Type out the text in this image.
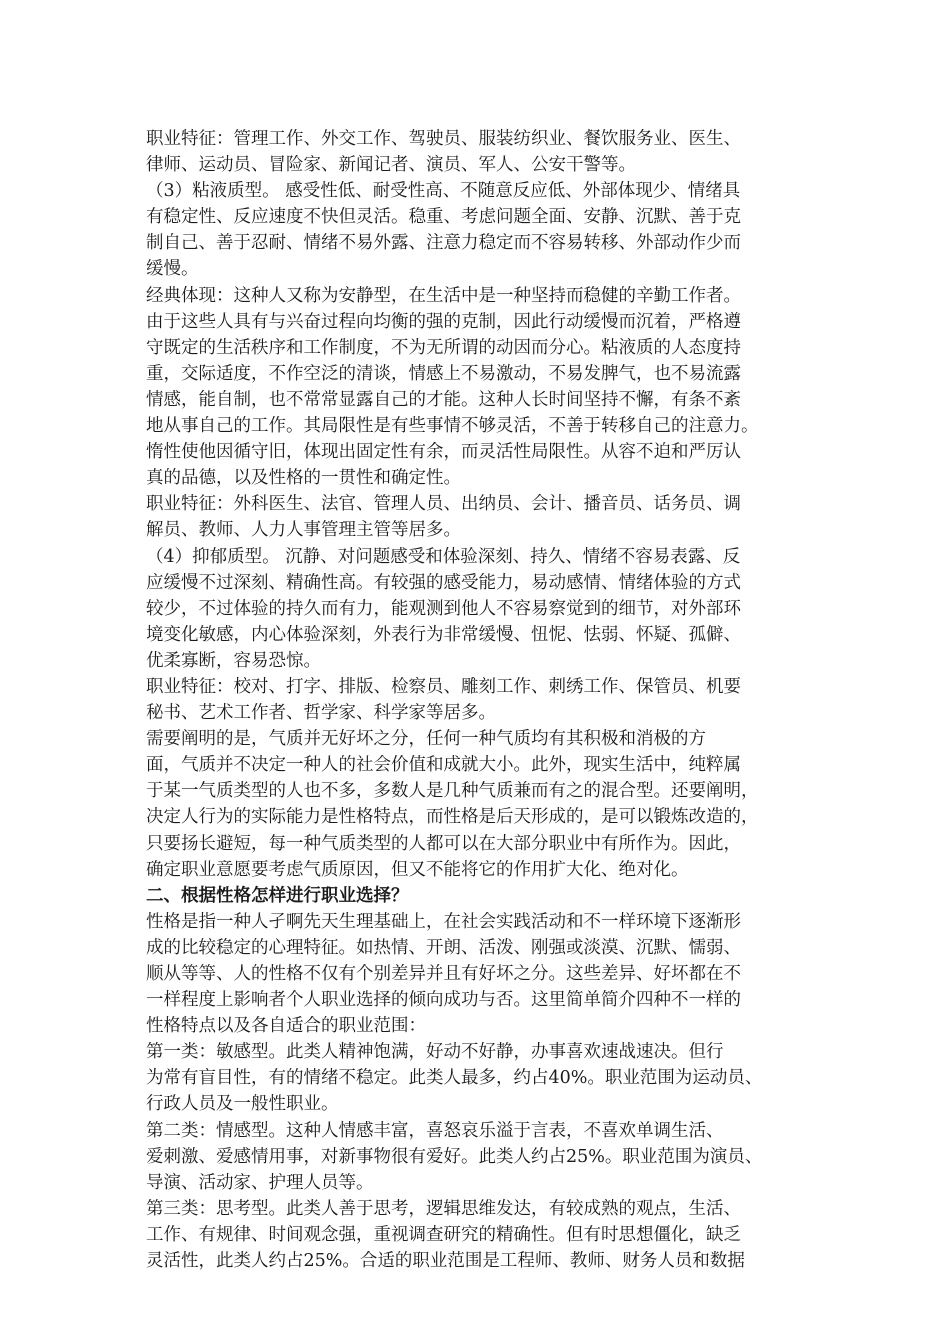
职业特征：管理工作、外交工作、驾驶员、服装纺织业、餐饮服务业、医生、

律师、运动员、冒险家、新闻记者、演员、军人、公安干警等。

（3）粘液质型。 感受性低、耐受性高、不随意反应低、外部体现少、情绪具

有稳定性、反应速度不快但灵活。稳重、考虑问题全面、安静、沉默、善于克

制自己、善于忍耐、情绪不易外露、注意力稳定而不容易转移、外部动作少而

缓慢。

经典体现：这种人又称为安静型，在生活中是一种坚持而稳健的辛勤工作者。

由于这些人具有与兴奋过程向均衡的强的克制，因此行动缓慢而沉着，严格遵

守既定的生活秩序和工作制度，不为无所谓的动因而分心。粘液质的人态度持

重，交际适度，不作空泛的清谈，情感上不易激动，不易发脾气，也不易流露

情感，能自制，也不常常显露自己的才能。这种人长时间坚持不懈，有条不紊

地从事自己的工作。其局限性是有些事情不够灵活，不善于转移自己的注意力。

惰性使他因循守旧，体现出固定性有余，而灵活性局限性。从容不迫和严厉认

真的品德，以及性格的一贯性和确定性。

职业特征：外科医生、法官、管理人员、出纳员、会计、播音员、话务员、调

解员、教师、人力人事管理主管等居多。

（4）抑郁质型。 沉静、对问题感受和体验深刻、持久、情绪不容易表露、反

应缓慢不过深刻、精确性高。有较强的感受能力，易动感情、情绪体验的方式

较少，不过体验的持久而有力，能观测到他人不容易察觉到的细节，对外部环

境变化敏感，内心体验深刻，外表行为非常缓慢、忸怩、怯弱、怀疑、孤僻、

优柔寡断，容易恐惊。

职业特征：校对、打字、排版、检察员、雕刻工作、刺绣工作、保管员、机要

秘书、艺术工作者、哲学家、科学家等居多。

需要阐明的是，气质并无好坏之分，任何一种气质均有其积极和消极的方

面，气质并不决定一种人的社会价值和成就大小。此外，现实生活中，纯粹属

于某一气质类型的人也不多，多数人是几种气质兼而有之的混合型。还要阐明，

决定人行为的实际能力是性格特点，而性格是后天形成的，是可以锻炼改造的，

只要扬长避短，每一种气质类型的人都可以在大部分职业中有所作为。因此，

确定职业意愿要考虑气质原因，但又不能将它的作用扩大化、绝对化。

二、根据性格怎样进行职业选择？

性格是指一种人孑啊先天生理基础上，在社会实践活动和不一样环境下逐渐形

成的比较稳定的心理特征。如热情、开朗、活泼、刚强或淡漠、沉默、懦弱、

顺从等等、人的性格不仅有个别差异并且有好坏之分。这些差异、好坏都在不

一样程度上影响者个人职业选择的倾向成功与否。这里简单简介四种不一样的

性格特点以及各自适合的职业范围：

第一类：敏感型。此类人精神饱满，好动不好静，办事喜欢速战速决。但行

为常有盲目性，有的情绪不稳定。此类人最多，约占40%。职业范围为运动员、

行政人员及一般性职业。

第二类：情感型。这种人情感丰富，喜怒哀乐溢于言表，不喜欢单调生活、

爱刺激、爱感情用事，对新事物很有爱好。此类人约占25%。职业范围为演员、

导演、活动家、护理人员等。

第三类：思考型。此类人善于思考，逻辑思维发达，有较成熟的观点，生活、

工作、有规律、时间观念强，重视调查研究的精确性。但有时思想僵化，缺乏

灵活性，此类人约占25%。合适的职业范围是工程师、教师、财务人员和数据
